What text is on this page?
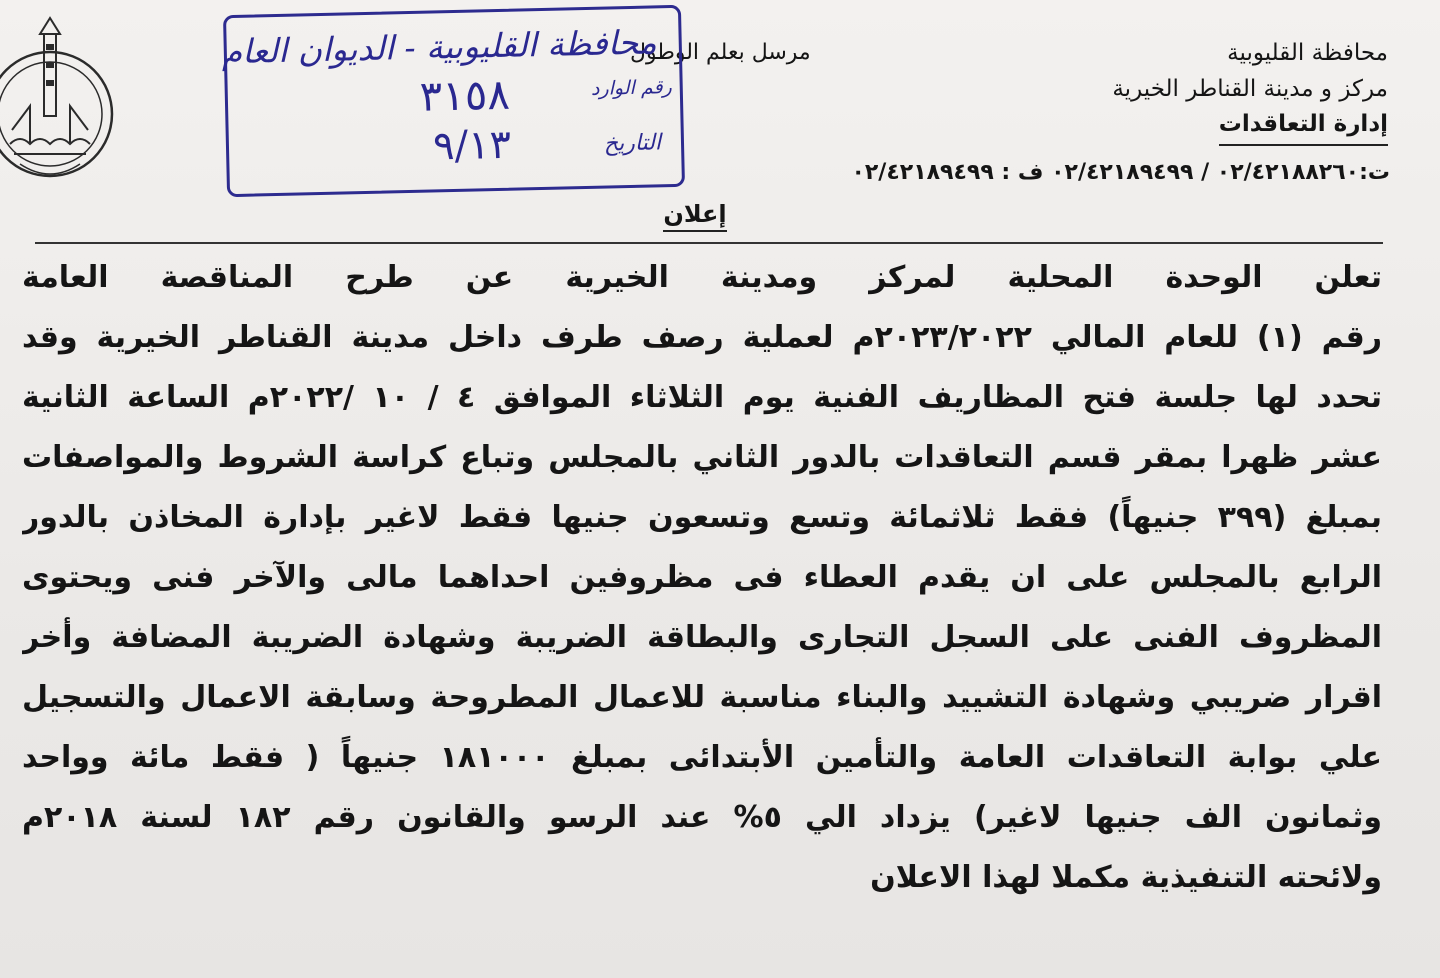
محافظة القليوبية
مركز و مدينة القناطر الخيرية
إدارة التعاقدات
ت:٠٢/٤٢١٨٨٢٦٠ / ٠٢/٤٢١٨٩٤٩٩ ف : ٠٢/٤٢١٨٩٤٩٩
مرسل بعلم الوطول
محافظة القليوبية - الديوان العام
رقم الوارد
٣١٥٨
التاريخ
٩/١٣
إعلان
تعلن الوحدة المحلية لمركز ومدينة الخيرية عن طرح المناقصة العامة
رقم (١) للعام المالي ٢٠٢٣/٢٠٢٢م لعملية رصف طرف داخل مدينة القناطر الخيرية وقد
تحدد لها جلسة فتح المظاريف الفنية يوم الثلاثاء الموافق ٤ / ١٠ /٢٠٢٢م الساعة الثانية
عشر ظهرا بمقر قسم التعاقدات بالدور الثاني بالمجلس وتباع كراسة الشروط والمواصفات
بمبلغ (٣٩٩ جنيهاً) فقط ثلاثمائة وتسع وتسعون جنيها فقط لاغير بإدارة المخاذن بالدور
الرابع بالمجلس على ان يقدم العطاء فى مظروفين احداهما مالى والآخر فنى ويحتوى
المظروف الفنى على السجل التجارى والبطاقة الضريبة وشهادة الضريبة المضافة وأخر
اقرار ضريبي وشهادة التشييد والبناء مناسبة للاعمال المطروحة وسابقة الاعمال والتسجيل
علي بوابة التعاقدات العامة والتأمين الأبتدائى بمبلغ ١٨١٠٠٠ جنيهاً ( فقط مائة وواحد
وثمانون الف جنيها لاغير) يزداد الي ٥% عند الرسو والقانون رقم ١٨٢ لسنة ٢٠١٨م
ولائحته التنفيذية مكملا لهذا الاعلان
